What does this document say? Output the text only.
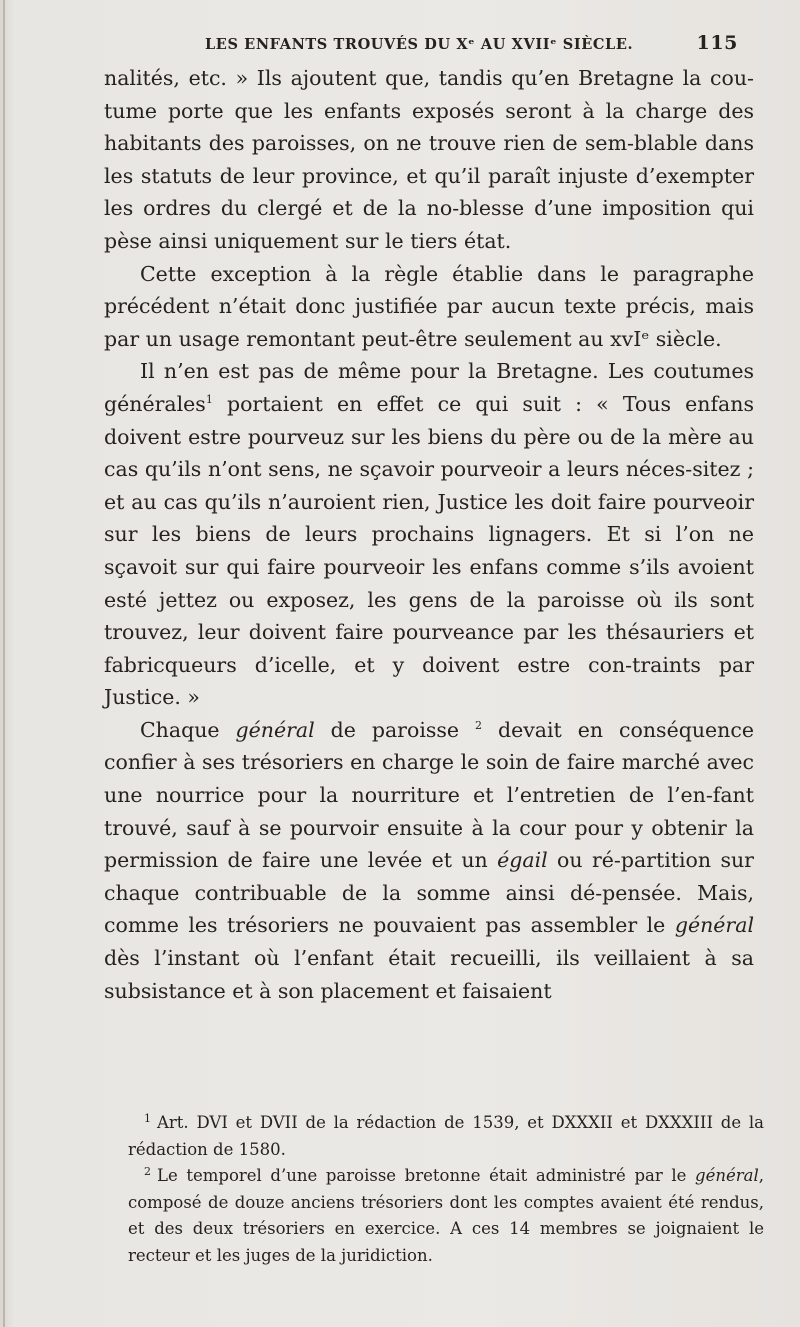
LES ENFANTS TROUVÉS DU Xᵉ AU XVIIᵉ SIÈCLE.	115

nalités, etc. » Ils ajoutent que, tandis qu’en Bretagne la cou-tume porte que les enfants exposés seront à la charge des habitants des paroisses, on ne trouve rien de sem-blable dans les statuts de leur province, et qu’il paraît injuste d’exempter les ordres du clergé et de la no-blesse d’une imposition qui pèse ainsi uniquement sur le tiers état.

Cette exception à la règle établie dans le paragraphe précédent n’était donc justifiée par aucun texte précis, mais par un usage remontant peut-être seulement au xvIᵉ siècle.

Il n’en est pas de même pour la Bretagne. Les coutumes générales$^1$ portaient en effet ce qui suit : « Tous enfans doivent estre pourveuz sur les biens du père ou de la mère au cas qu’ils n’ont sens, ne sçavoir pourveoir a leurs néces-sitez ; et au cas qu’ils n’auroient rien, Justice les doit faire pourveoir sur les biens de leurs prochains lignagers. Et si l’on ne sçavoit sur qui faire pourveoir les enfans comme s’ils avoient esté jettez ou exposez, les gens de la paroisse où ils sont trouvez, leur doivent faire pourveance par les thésauriers et fabricqueurs d’icelle, et y doivent estre con-traints par Justice. »

Chaque général de paroisse $^2$ devait en conséquence confier à ses trésoriers en charge le soin de faire marché avec une nourrice pour la nourriture et l’entretien de l’en-fant trouvé, sauf à se pourvoir ensuite à la cour pour y obtenir la permission de faire une levée et un égail ou ré-partition sur chaque contribuable de la somme ainsi dé-pensée. Mais, comme les trésoriers ne pouvaient pas assembler le général dès l’instant où l’enfant était recueilli, ils veillaient à sa subsistance et à son placement et faisaient

$^1$ Art. DVI et DVII de la rédaction de 1539, et DXXXII et DXXXIII de la rédaction de 1580.

$^2$ Le temporel d’une paroisse bretonne était administré par le général, composé de douze anciens trésoriers dont les comptes avaient été rendus, et des deux trésoriers en exercice. A ces 14 membres se joignaient le recteur et les juges de la juridiction.
